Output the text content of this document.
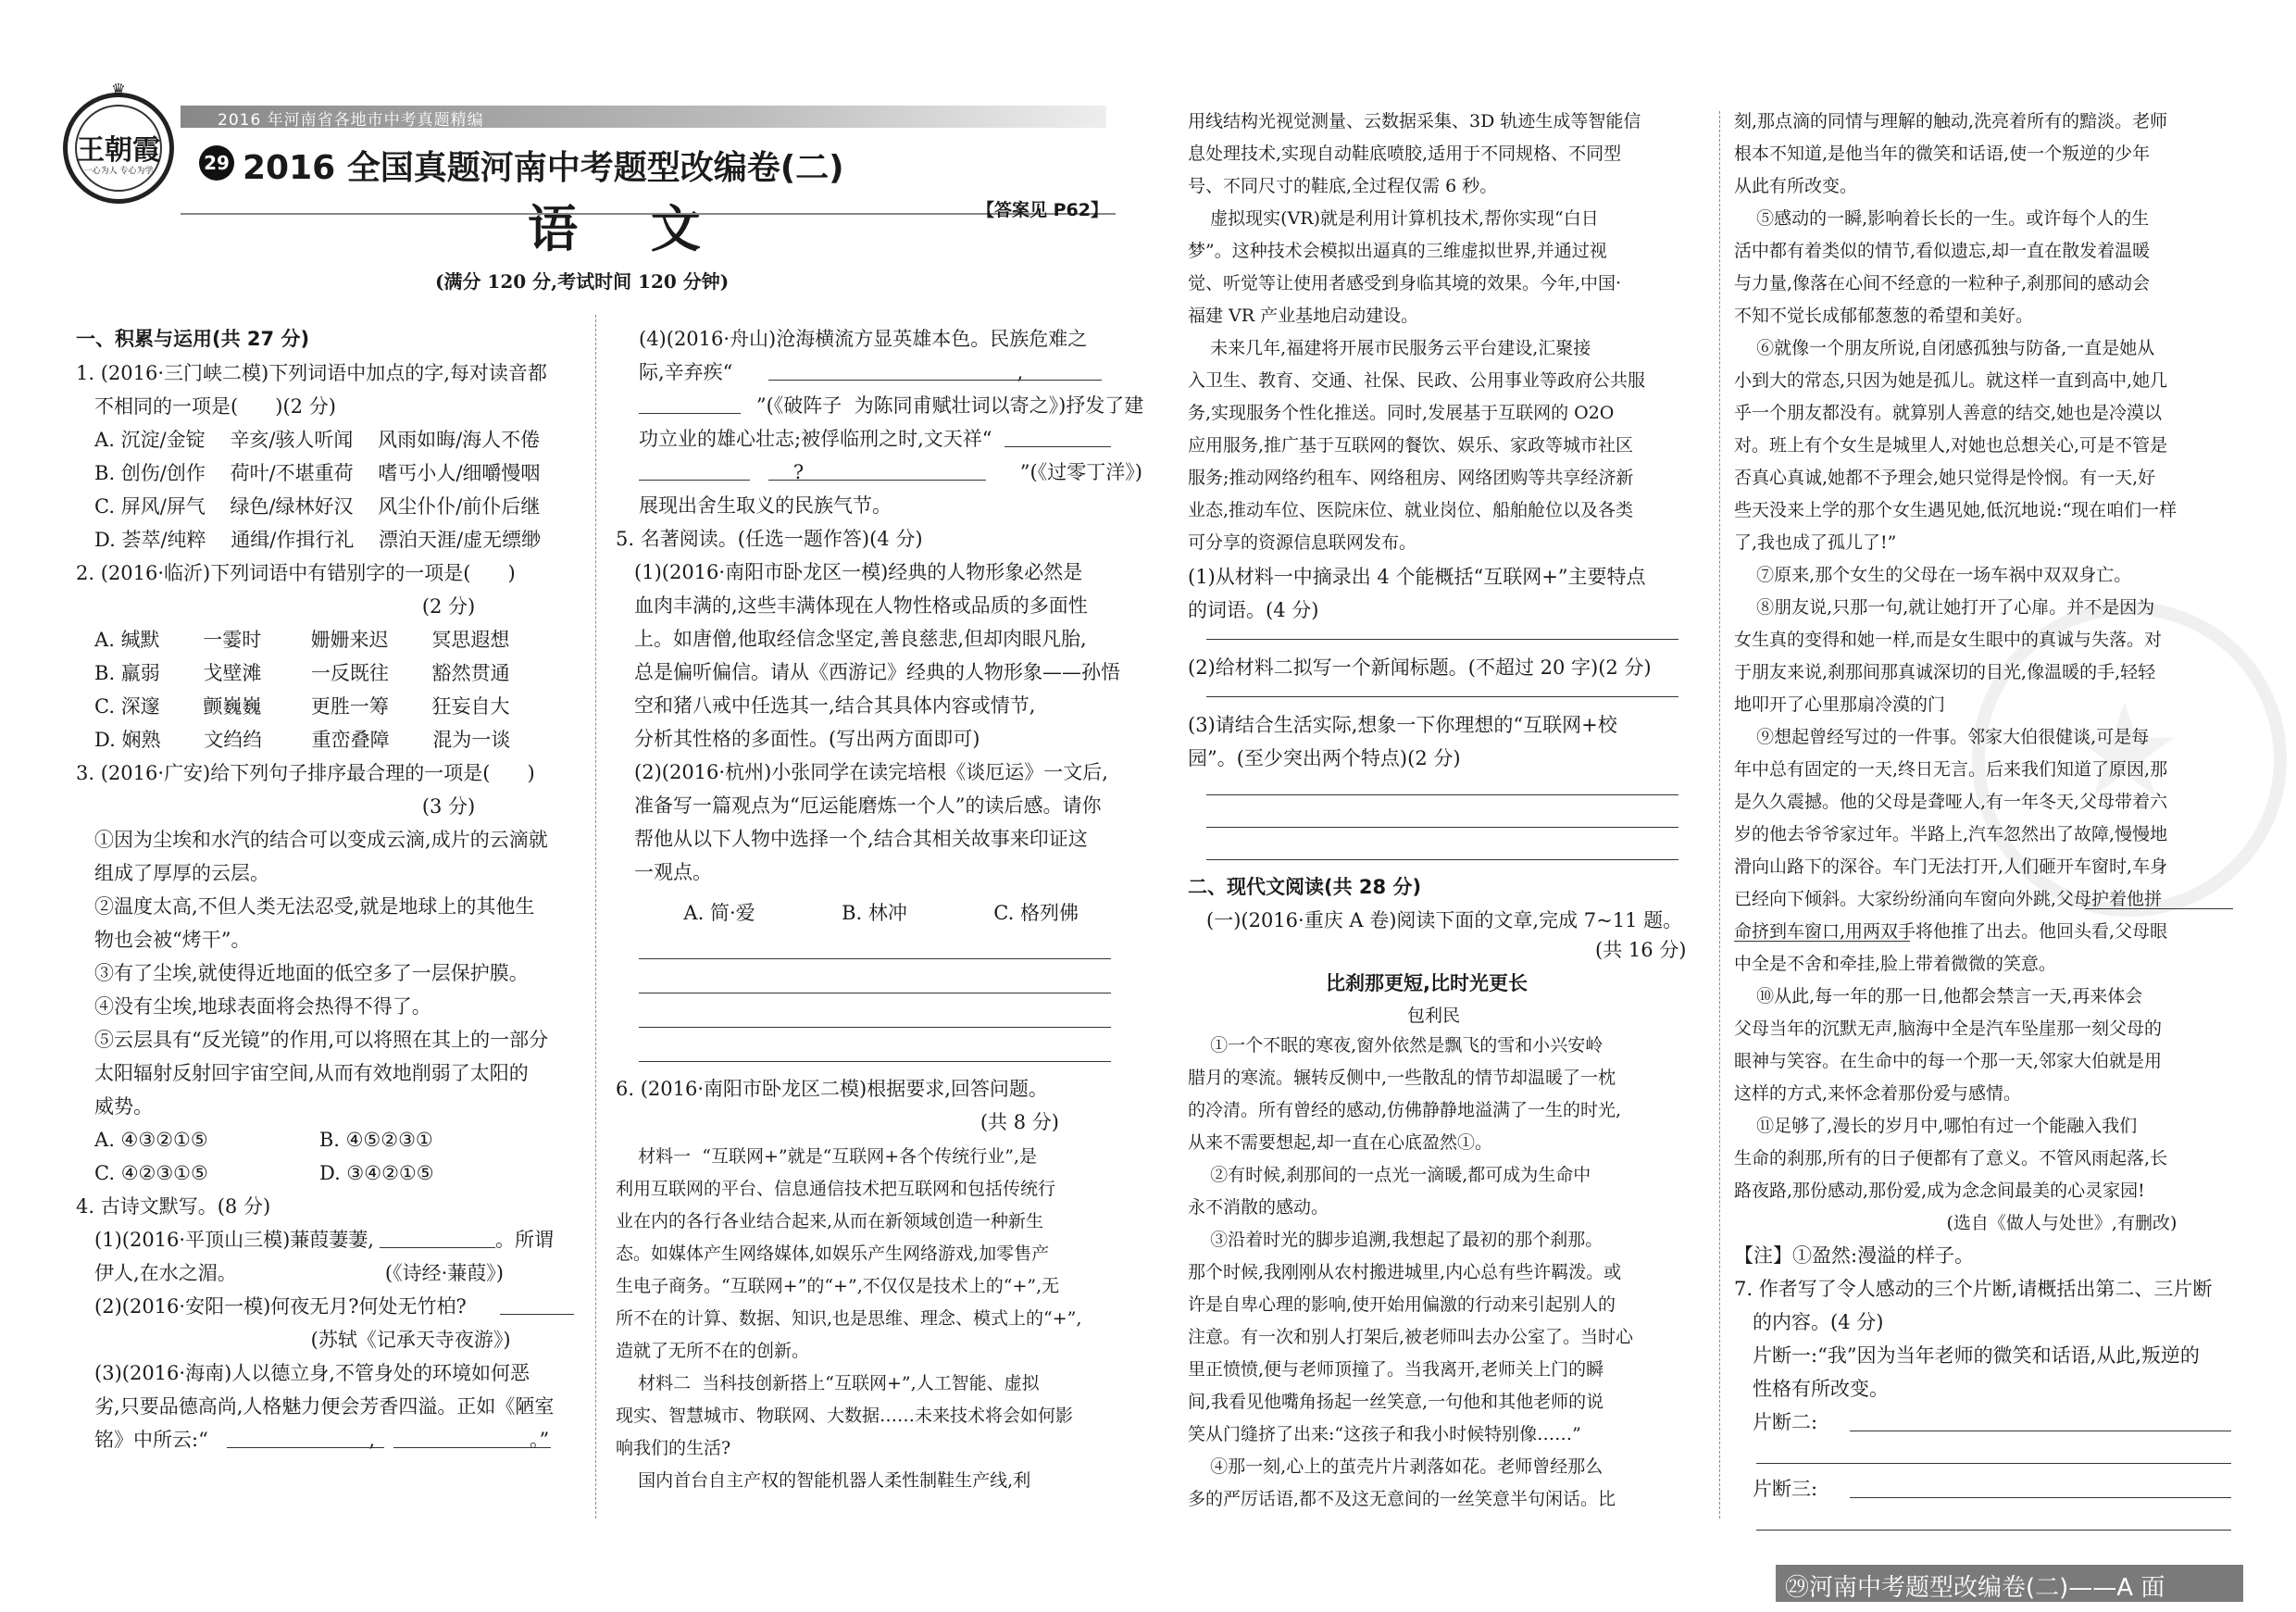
王朝霞
一心为人 专心为学
♛
2016 年河南省各地市中考真题精编
29 2016 全国真题河南中考题型改编卷(二)
语 文	【答案见 P62】
(满分 120 分,考试时间 120 分钟)
一、积累与运用(共 27 分)
1. (2016·三门峡二模)下列词语中加点的字,每对读音都
不相同的一项是(      )(2 分)
A. 沉淀/金锭    辛亥/骇人听闻    风雨如晦/海人不倦
B. 创伤/创作    荷叶/不堪重荷    嗜丐小人/细嚼慢咽
C. 屏风/屏气    绿色/绿林好汉    风尘仆仆/前仆后继
D. 荟萃/纯粹    通缉/作揖行礼    漂泊天涯/虚无缥缈
2. (2016·临沂)下列词语中有错别字的一项是(      )
(2 分)
A. 缄默       一霎时        姗姗来迟       冥思遐想
B. 羸弱       戈壁滩        一反既往       豁然贯通
C. 深邃       颤巍巍        更胜一筹       狂妄自大
D. 娴熟       文绉绉        重峦叠障       混为一谈
3. (2016·广安)给下列句子排序最合理的一项是(      )
(3 分)
①因为尘埃和水汽的结合可以变成云滴,成片的云滴就
组成了厚厚的云层。
②温度太高,不但人类无法忍受,就是地球上的其他生
物也会被“烤干”。
③有了尘埃,就使得近地面的低空多了一层保护膜。
④没有尘埃,地球表面将会热得不得了。
⑤云层具有“反光镜”的作用,可以将照在其上的一部分
太阳辐射反射回宇宙空间,从而有效地削弱了太阳的
威势。
A. ④③②①⑤                  B. ④⑤②③①
C. ④②③①⑤                  D. ③④②①⑤
4. 古诗文默写。(8 分)
(1)(2016·平顶山三模)蒹葭萋萋,	。所谓
伊人,在水之湄。                        (《诗经·蒹葭》)
(2)(2016·安阳一模)何夜无月?何处无竹柏?
(苏轼《记承天寺夜游》)
(3)(2016·海南)人以德立身,不管身处的环境如何恶
劣,只要品德高尚,人格魅力便会芳香四溢。正如《陋室
铭》中所云:“                          ,                         。”
(4)(2016·舟山)沧海横流方显英雄本色。民族危难之
际,辛弃疾“                                              ,
”(《破阵子  为陈同甫赋壮词以寄之》)抒发了建
功立业的雄心壮志;被俘临刑之时,文天祥“
?                                   ”(《过零丁洋》)
展现出舍生取义的民族气节。
5. 名著阅读。(任选一题作答)(4 分)
(1)(2016·南阳市卧龙区一模)经典的人物形象必然是
血肉丰满的,这些丰满体现在人物性格或品质的多面性
上。如唐僧,他取经信念坚定,善良慈悲,但却肉眼凡胎,
总是偏听偏信。请从《西游记》经典的人物形象——孙悟
空和猪八戒中任选其一,结合其具体内容或情节,
分析其性格的多面性。(写出两方面即可)
(2)(2016·杭州)小张同学在读完培根《谈厄运》一文后,
准备写一篇观点为“厄运能磨炼一个人”的读后感。请你
帮他从以下人物中选择一个,结合其相关故事来印证这
一观点。
A. 简·爱              B. 林冲              C. 格列佛
6. (2016·南阳市卧龙区二模)根据要求,回答问题。
(共 8 分)
材料一  “互联网+”就是“互联网+各个传统行业”,是
利用互联网的平台、信息通信技术把互联网和包括传统行
业在内的各行各业结合起来,从而在新领域创造一种新生
态。如媒体产生网络媒体,如娱乐产生网络游戏,加零售产
生电子商务。“互联网+”的“+”,不仅仅是技术上的“+”,无
所不在的计算、数据、知识,也是思维、理念、模式上的“+”,
造就了无所不在的创新。
材料二  当科技创新搭上“互联网+”,人工智能、虚拟
现实、智慧城市、物联网、大数据……未来技术将会如何影
响我们的生活?
国内首台自主产权的智能机器人柔性制鞋生产线,利
用线结构光视觉测量、云数据采集、3D 轨迹生成等智能信
息处理技术,实现自动鞋底喷胶,适用于不同规格、不同型
号、不同尺寸的鞋底,全过程仅需 6 秒。
虚拟现实(VR)就是利用计算机技术,帮你实现“白日
梦”。这种技术会模拟出逼真的三维虚拟世界,并通过视
觉、听觉等让使用者感受到身临其境的效果。今年,中国·
福建 VR 产业基地启动建设。
未来几年,福建将开展市民服务云平台建设,汇聚接
入卫生、教育、交通、社保、民政、公用事业等政府公共服
务,实现服务个性化推送。同时,发展基于互联网的 O2O
应用服务,推广基于互联网的餐饮、娱乐、家政等城市社区
服务;推动网络约租车、网络租房、网络团购等共享经济新
业态,推动车位、医院床位、就业岗位、船舶舱位以及各类
可分享的资源信息联网发布。
(1)从材料一中摘录出 4 个能概括“互联网+”主要特点
的词语。(4 分)
(2)给材料二拟写一个新闻标题。(不超过 20 字)(2 分)
(3)请结合生活实际,想象一下你理想的“互联网+校
园”。(至少突出两个特点)(2 分)
二、现代文阅读(共 28 分)
(一)(2016·重庆 A 卷)阅读下面的文章,完成 7~11 题。
(共 16 分)
比刹那更短,比时光更长
包利民
①一个不眠的寒夜,窗外依然是飘飞的雪和小兴安岭
腊月的寒流。辗转反侧中,一些散乱的情节却温暖了一枕
的冷清。所有曾经的感动,仿佛静静地溢满了一生的时光,
从来不需要想起,却一直在心底盈然①。
②有时候,刹那间的一点光一滴暖,都可成为生命中
永不消散的感动。
③沿着时光的脚步追溯,我想起了最初的那个刹那。
那个时候,我刚刚从农村搬进城里,内心总有些许羁泼。或
许是自卑心理的影响,使开始用偏激的行动来引起别人的
注意。有一次和别人打架后,被老师叫去办公室了。当时心
里正愤愤,便与老师顶撞了。当我离开,老师关上门的瞬
间,我看见他嘴角扬起一丝笑意,一句他和其他老师的说
笑从门缝挤了出来:“这孩子和我小时候特别像……”
④那一刻,心上的茧壳片片剥落如花。老师曾经那么
多的严厉话语,都不及这无意间的一丝笑意半句闲话。比
刻,那点滴的同情与理解的触动,洗亮着所有的黯淡。老师
根本不知道,是他当年的微笑和话语,使一个叛逆的少年
从此有所改变。
⑤感动的一瞬,影响着长长的一生。或许每个人的生
活中都有着类似的情节,看似遗忘,却一直在散发着温暖
与力量,像落在心间不经意的一粒种子,刹那间的感动会
不知不觉长成郁郁葱葱的希望和美好。
⑥就像一个朋友所说,自闭感孤独与防备,一直是她从
小到大的常态,只因为她是孤儿。就这样一直到高中,她几
乎一个朋友都没有。就算别人善意的结交,她也是冷漠以
对。班上有个女生是城里人,对她也总想关心,可是不管是
否真心真诚,她都不予理会,她只觉得是怜悯。有一天,好
些天没来上学的那个女生遇见她,低沉地说:“现在咱们一样
了,我也成了孤儿了!”
⑦原来,那个女生的父母在一场车祸中双双身亡。
⑧朋友说,只那一句,就让她打开了心扉。并不是因为
女生真的变得和她一样,而是女生眼中的真诚与失落。对
于朋友来说,刹那间那真诚深切的目光,像温暖的手,轻轻
地叩开了心里那扇冷漠的门
⑨想起曾经写过的一件事。邻家大伯很健谈,可是每
年中总有固定的一天,终日无言。后来我们知道了原因,那
是久久震撼。他的父母是聋哑人,有一年冬天,父母带着六
岁的他去爷爷家过年。半路上,汽车忽然出了故障,慢慢地
滑向山路下的深谷。车门无法打开,人们砸开车窗时,车身
已经向下倾斜。大家纷纷涌向车窗向外跳,父母护着他拼
命挤到车窗口,用两双手将他推了出去。他回头看,父母眼
中全是不舍和牵挂,脸上带着微微的笑意。
⑩从此,每一年的那一日,他都会禁言一天,再来体会
父母当年的沉默无声,脑海中全是汽车坠崖那一刻父母的
眼神与笑容。在生命中的每一个那一天,邻家大伯就是用
这样的方式,来怀念着那份爱与感情。
⑪足够了,漫长的岁月中,哪怕有过一个能融入我们
生命的刹那,所有的日子便都有了意义。不管风雨起落,长
路夜路,那份感动,那份爱,成为念念间最美的心灵家园!
(选自《做人与处世》,有删改)
【注】①盈然:漫溢的样子。
7. 作者写了令人感动的三个片断,请概括出第二、三片断
的内容。(4 分)
片断一:“我”因为当年老师的微笑和话语,从此,叛逆的
性格有所改变。
片断二:
片断三:
★
㉙河南中考题型改编卷(二)——A 面
